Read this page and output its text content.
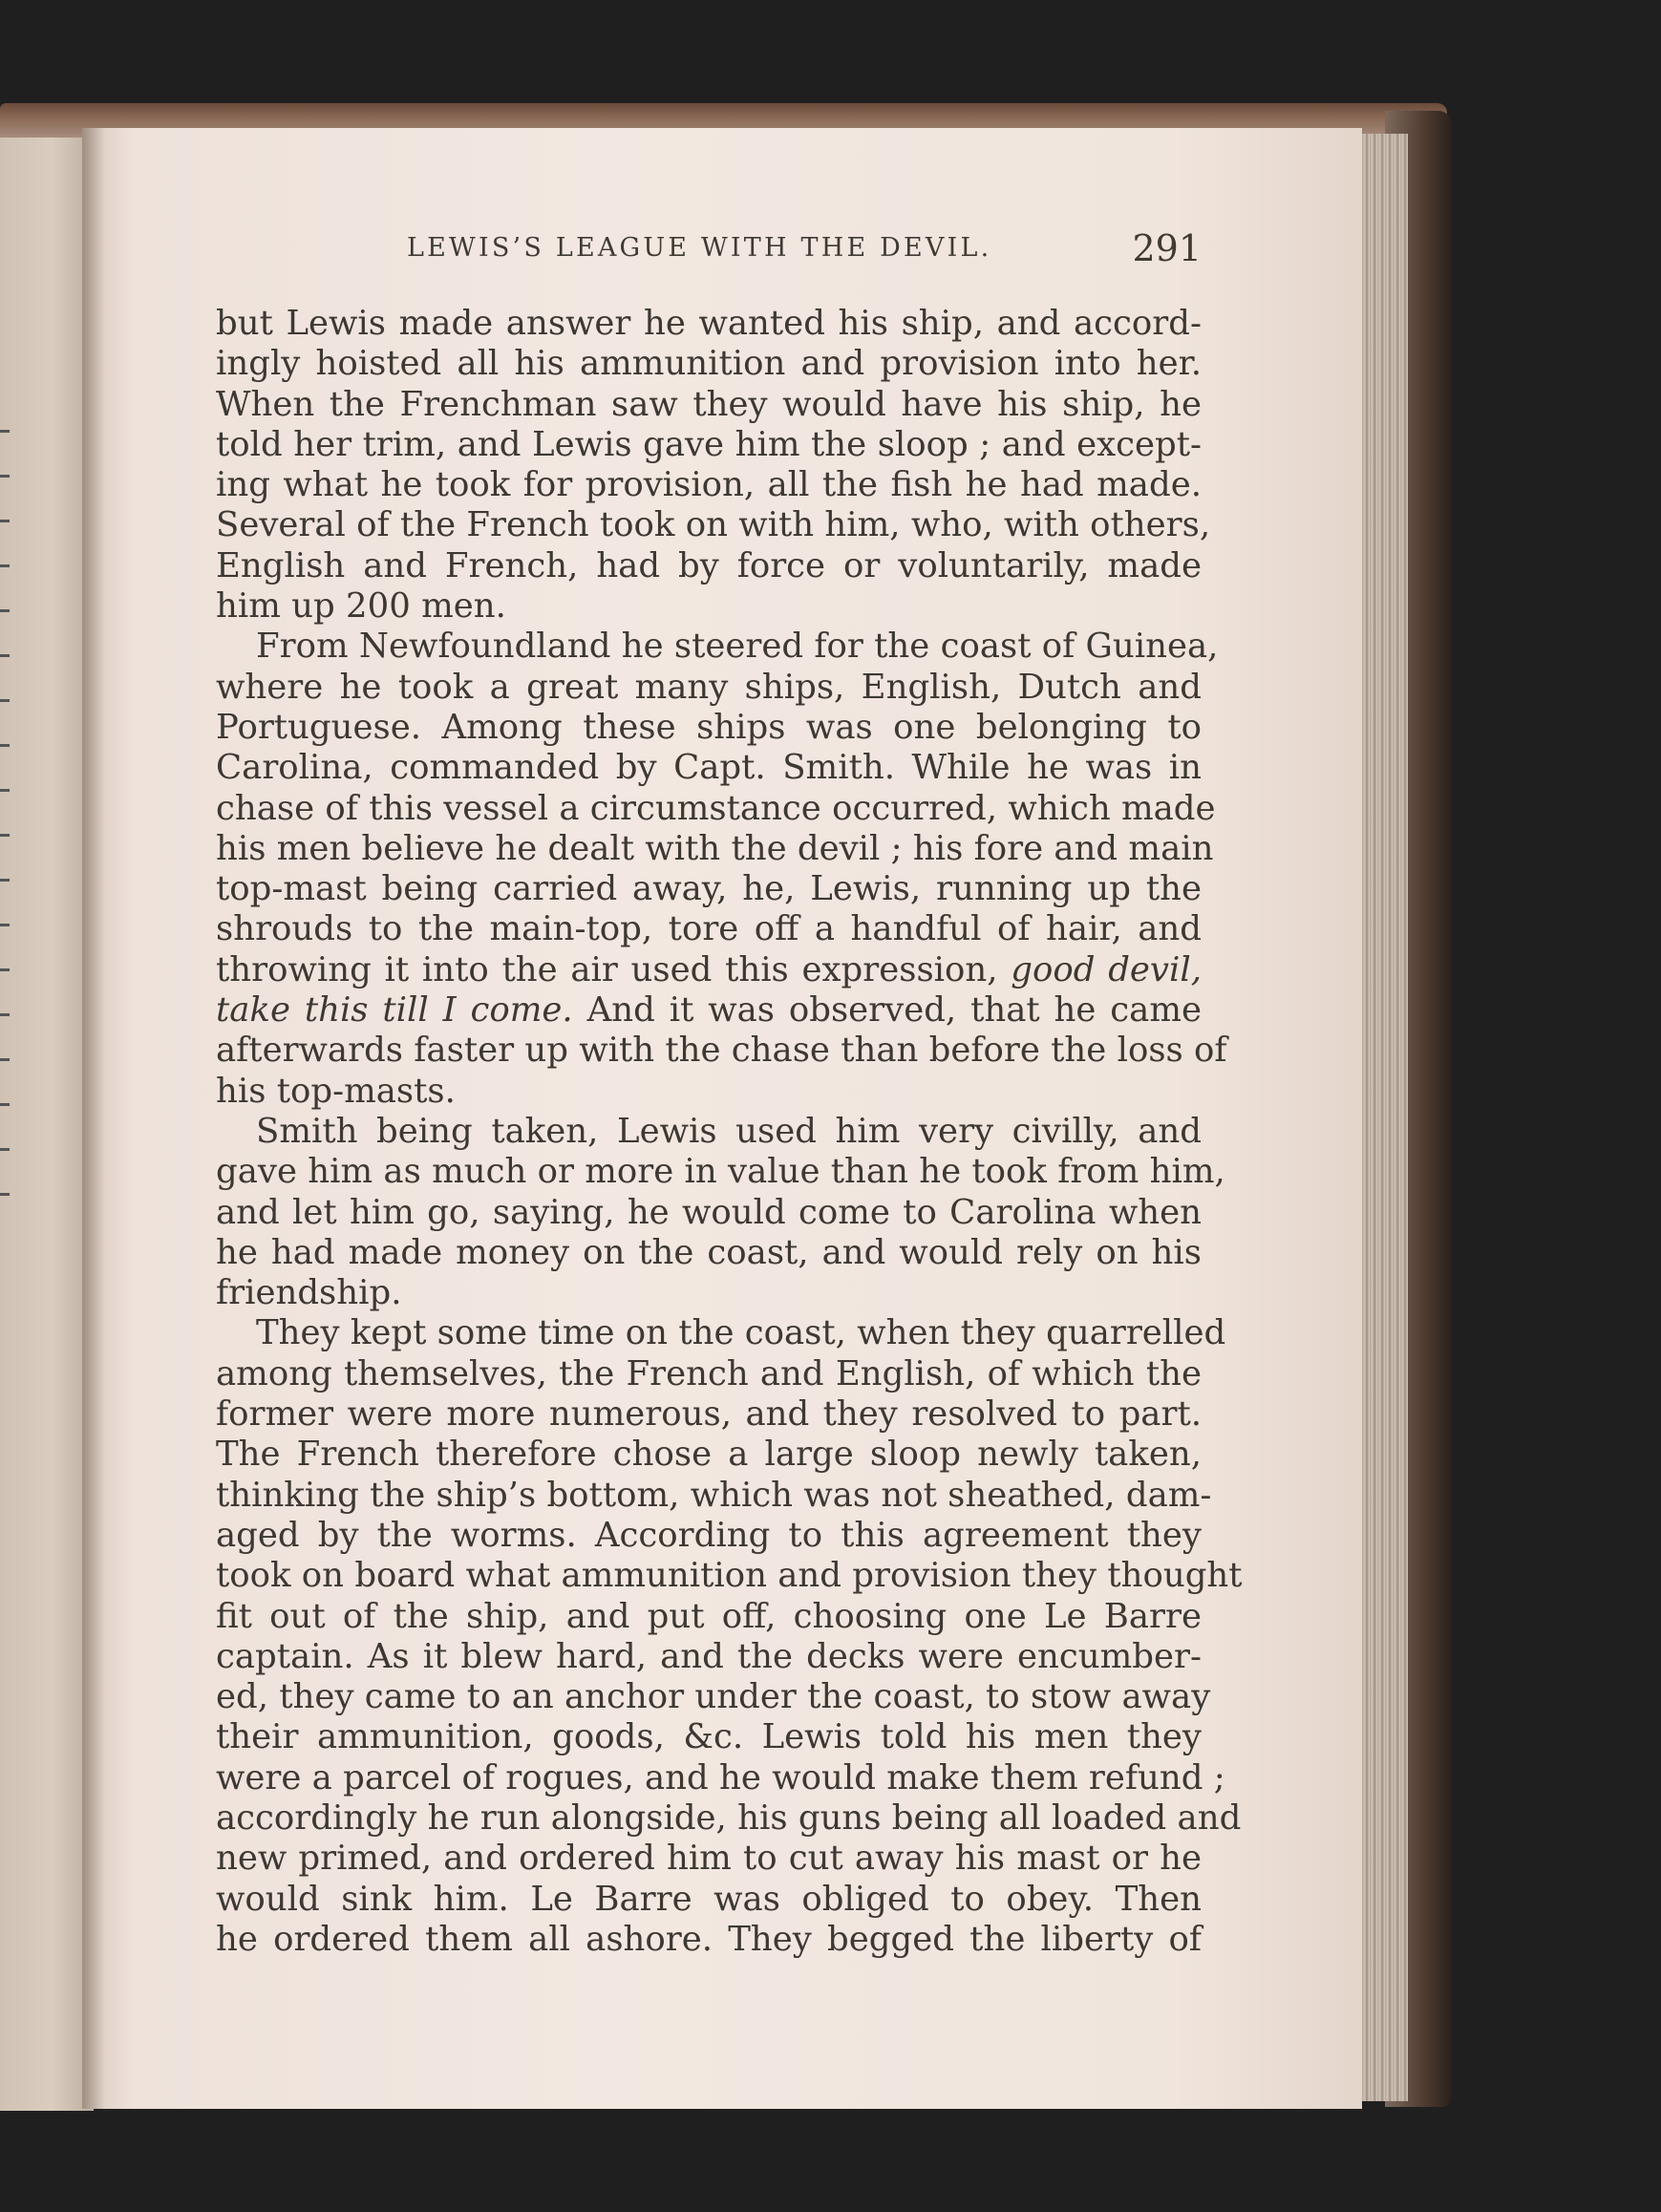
LEWIS’S LEAGUE WITH THE DEVIL.	291
but Lewis made answer he wanted his ship, and accord-
ingly hoisted all his ammunition and provision into her.
When the Frenchman saw they would have his ship, he
told her trim, and Lewis gave him the sloop ; and except-
ing what he took for provision, all the fish he had made.
Several of the French took on with him, who, with others,
English and French, had by force or voluntarily, made
him up 200 men.
From Newfoundland he steered for the coast of Guinea,
where he took a great many ships, English, Dutch and
Portuguese. Among these ships was one belonging to
Carolina, commanded by Capt. Smith. While he was in
chase of this vessel a circumstance occurred, which made
his men believe he dealt with the devil ; his fore and main
top-mast being carried away, he, Lewis, running up the
shrouds to the main-top, tore off a handful of hair, and
throwing it into the air used this expression, good devil,
take this till I come. And it was observed, that he came
afterwards faster up with the chase than before the loss of
his top-masts.
Smith being taken, Lewis used him very civilly, and
gave him as much or more in value than he took from him,
and let him go, saying, he would come to Carolina when
he had made money on the coast, and would rely on his
friendship.
They kept some time on the coast, when they quarrelled
among themselves, the French and English, of which the
former were more numerous, and they resolved to part.
The French therefore chose a large sloop newly taken,
thinking the ship’s bottom, which was not sheathed, dam-
aged by the worms. According to this agreement they
took on board what ammunition and provision they thought
fit out of the ship, and put off, choosing one Le Barre
captain. As it blew hard, and the decks were encumber-
ed, they came to an anchor under the coast, to stow away
their ammunition, goods, &c. Lewis told his men they
were a parcel of rogues, and he would make them refund ;
accordingly he run alongside, his guns being all loaded and
new primed, and ordered him to cut away his mast or he
would sink him. Le Barre was obliged to obey. Then
he ordered them all ashore. They begged the liberty of
